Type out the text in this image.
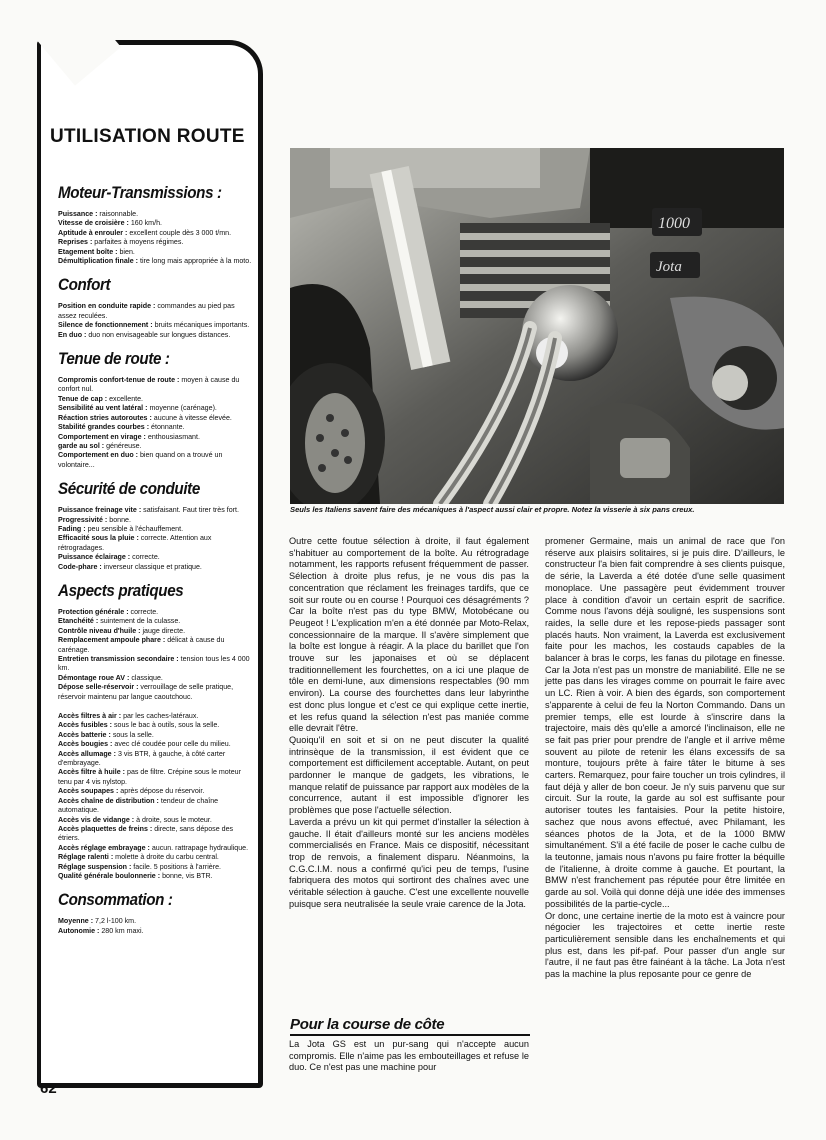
UTILISATION ROUTE
Moteur-Transmissions :
Puissance : raisonnable.
Vitesse de croisière : 160 km/h.
Aptitude à enrouler : excellent couple dès 3 000 t/mn.
Reprises : parfaites à moyens régimes.
Etagement boîte : bien.
Démultiplication finale : tire long mais appropriée à la moto.
Confort
Position en conduite rapide : commandes au pied pas assez reculées.
Silence de fonctionnement : bruits mécaniques importants.
En duo : duo non envisageable sur longues distances.
Tenue de route :
Compromis confort-tenue de route : moyen à cause du confort nul.
Tenue de cap : excellente.
Sensibilité au vent latéral : moyenne (carénage).
Réaction stries autoroutes : aucune à vitesse élevée.
Stabilité grandes courbes : étonnante.
Comportement en virage : enthousiasmant.
garde au sol : généreuse.
Comportement en duo : bien quand on a trouvé un volontaire...
Sécurité de conduite
Puissance freinage vite : satisfaisant. Faut tirer très fort.
Progressivité : bonne.
Fading : peu sensible à l'échauffement.
Efficacité sous la pluie : correcte. Attention aux rétrogradages.
Puissance éclairage : correcte.
Code-phare : inverseur classique et pratique.
Aspects pratiques
Protection générale : correcte.
Etanchéité : suintement de la culasse.
Contrôle niveau d'huile : jauge directe.
Remplacement ampoule phare : délicat à cause du carénage.
Entretien transmission secondaire : tension tous les 4 000 km.
Démontage roue AV : classique.
Dépose selle-réservoir : verrouillage de selle pratique, réservoir maintenu par langue caoutchouc.
Accès filtres à air : par les caches-latéraux.
Accès fusibles : sous le bac à outils, sous la selle.
Accès batterie : sous la selle.
Accès bougies : avec clé coudée pour celle du milieu.
Accès allumage : 3 vis BTR, à gauche, à côté carter d'embrayage.
Accès filtre à huile : pas de filtre. Crépine sous le moteur tenu par 4 vis nylstop.
Accès soupapes : après dépose du réservoir.
Accès chaîne de distribution : tendeur de chaîne automatique.
Accès vis de vidange : à droite, sous le moteur.
Accès plaquettes de freins : directe, sans dépose des étriers.
Accès réglage embrayage : aucun. rattrapage hydraulique.
Réglage ralenti : molette à droite du carbu central.
Réglage suspension : facile. 5 positions à l'arrière.
Qualité générale boulonnerie : bonne, vis BTR.
Consommation :
Moyenne : 7,2 l-100 km.
Autonomie : 280 km maxi.
1000
Jota
Seuls les Italiens savent faire des mécaniques à l'aspect aussi clair et propre. Notez la visserie à six pans creux.

Outre cette foutue sélection à droite, il faut également s'habituer au comportement de la boîte. Au rétrogradage notamment, les rapports refusent fréquemment de passer. Sélection à droite plus refus, je ne vous dis pas la concentration que réclament les freinages tardifs, que ce soit sur route ou en course ! Pourquoi ces désagréments ? Car la boîte n'est pas du type BMW, Motobécane ou Peugeot ! L'explication m'en a été donnée par Moto-Relax, concessionnaire de la marque. Il s'avère simplement que la boîte est longue à réagir. A la place du barillet que l'on trouve sur les japonaises et où se déplacent traditionnellement les fourchettes, on a ici une plaque de tôle en demi-lune, aux dimensions respectables (90 mm environ). La course des fourchettes dans leur labyrinthe est donc plus longue et c'est ce qui explique cette inertie, et les refus quand la sélection n'est pas maniée comme elle devrait l'être.

Quoiqu'il en soit et si on ne peut discuter la qualité intrinsèque de la transmission, il est évident que ce comportement est difficilement acceptable. Autant, on peut pardonner le manque de gadgets, les vibrations, le manque relatif de puissance par rapport aux modèles de la concurrence, autant il est impossible d'ignorer les problèmes que pose l'actuelle sélection.

Laverda a prévu un kit qui permet d'installer la sélection à gauche. Il était d'ailleurs monté sur les anciens modèles commercialisés en France. Mais ce dispositif, nécessitant trop de renvois, a finalement disparu. Néanmoins, la C.G.C.I.M. nous a confirmé qu'ici peu de temps, l'usine fabriquera des motos qui sortiront des chaînes avec une véritable sélection à gauche. C'est une excellente nouvelle puisque sera neutralisée la seule vraie carence de la Jota.

Pour la course de côte
La Jota GS est un pur-sang qui n'accepte aucun compromis. Elle n'aime pas les embouteillages et refuse le duo. Ce n'est pas une machine pour

promener Germaine, mais un animal de race que l'on réserve aux plaisirs solitaires, si je puis dire. D'ailleurs, le constructeur l'a bien fait comprendre à ses clients puisque, de série, la Laverda a été dotée d'une selle quasiment monoplace. Une passagère peut évidemment trouver place à condition d'avoir un certain esprit de sacrifice. Comme nous l'avons déjà souligné, les suspensions sont raides, la selle dure et les repose-pieds passager sont placés hauts. Non vraiment, la Laverda est exclusivement faite pour les machos, les costauds capables de la balancer à bras le corps, les fanas du pilotage en finesse. Car la Jota n'est pas un monstre de maniabilité. Elle ne se jette pas dans les virages comme on pourrait le faire avec un LC. Rien à voir. A bien des égards, son comportement s'apparente à celui de feu la Norton Commando. Dans un premier temps, elle est lourde à s'inscrire dans la trajectoire, mais dès qu'elle a amorcé l'inclinaison, elle ne se fait pas prier pour prendre de l'angle et il arrive même souvent au pilote de retenir les élans excessifs de sa monture, toujours prête à faire tâter le bitume à ses carters. Remarquez, pour faire toucher un trois cylindres, il faut déjà y aller de bon coeur. Je n'y suis parvenu que sur circuit. Sur la route, la garde au sol est suffisante pour autoriser toutes les fantaisies. Pour la petite histoire, sachez que nous avons effectué, avec Philamant, les séances photos de la Jota, et de la 1000 BMW simultanément. S'il a été facile de poser le cache culbu de la teutonne, jamais nous n'avons pu faire frotter la béquille de l'italienne, à droite comme à gauche. Et pourtant, la BMW n'est franchement pas réputée pour être limitée en garde au sol. Voilà qui donne déjà une idée des immenses possibilités de la partie-cycle...

Or donc, une certaine inertie de la moto est à vaincre pour négocier les trajectoires et cette inertie reste particulièrement sensible dans les enchaînements et qui plus est, dans les pif-paf. Pour passer d'un angle sur l'autre, il ne faut pas être fainéant à la tâche. La Jota n'est pas la machine la plus reposante pour ce genre de

62
